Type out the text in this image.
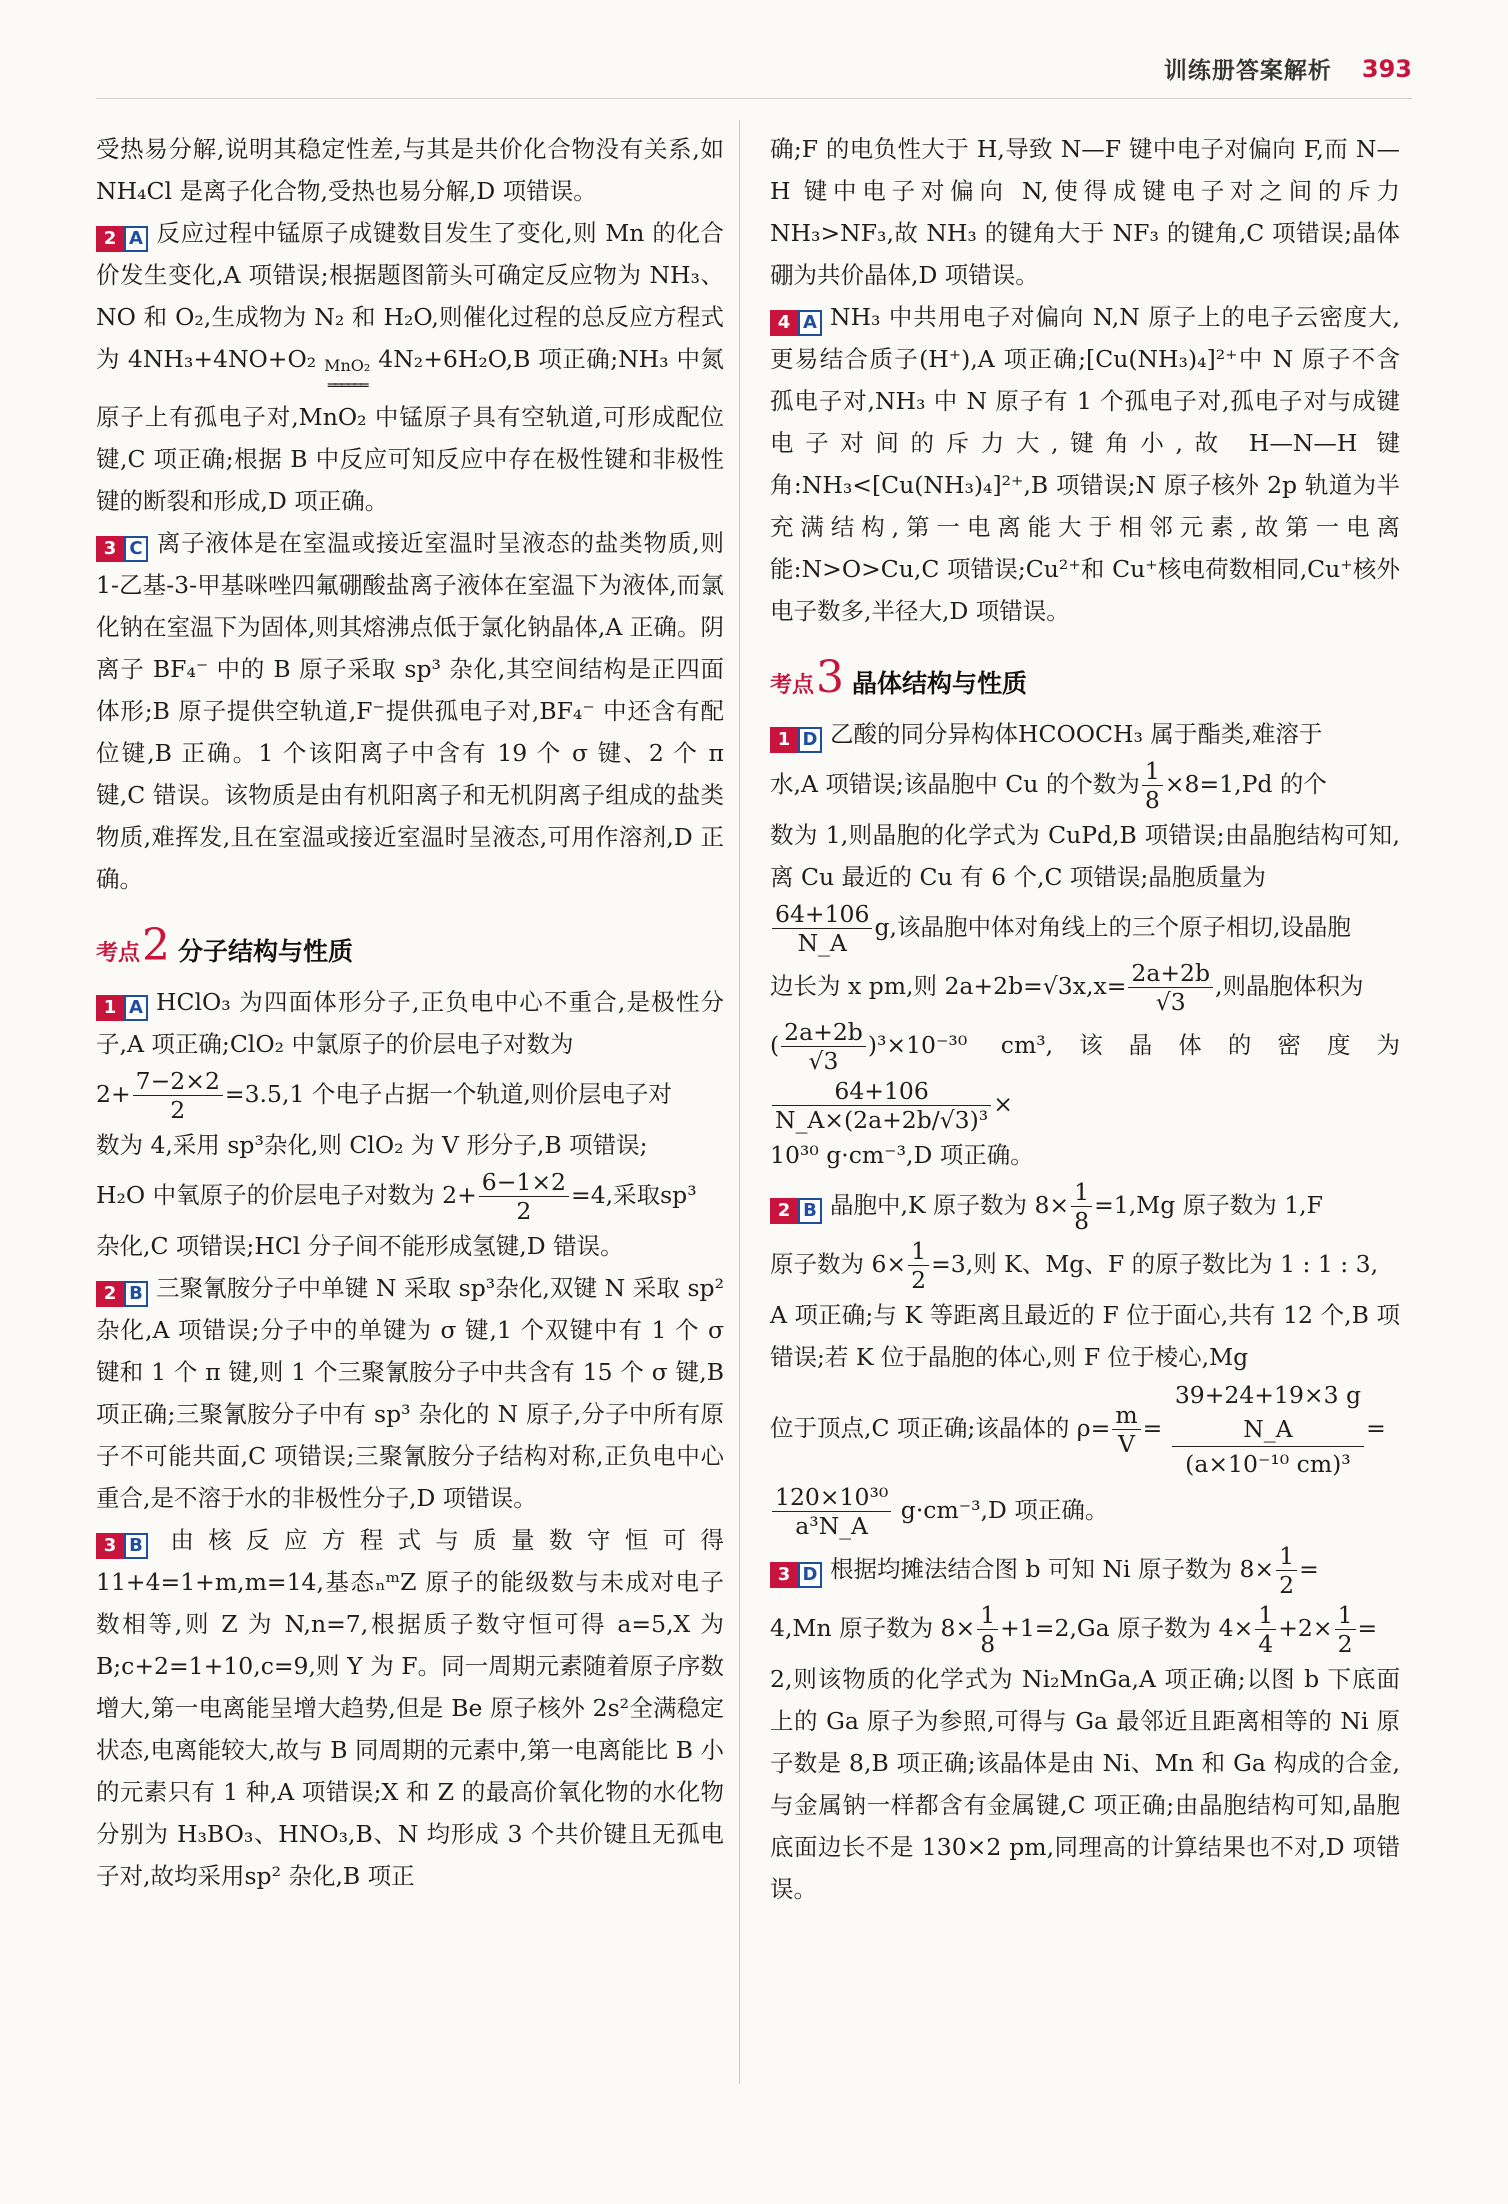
训练册答案解析 393

受热易分解,说明其稳定性差,与其是共价化合物没有关系,如 NH₄Cl 是离子化合物,受热也易分解,D 项错误。

2 A 反应过程中锰原子成键数目发生了变化,则 Mn 的化合价发生变化,A 项错误;根据题图箭头可确定反应物为 NH₃、NO 和 O₂,生成物为 N₂ 和 H₂O,则催化过程的总反应方程式为 4NH₃+4NO+O₂ MnO₂
══════
4N₂+6H₂O,B 项正确;NH₃ 中氮原子上有孤电子对,MnO₂ 中锰原子具有空轨道,可形成配位键,C 项正确;根据 B 中反应可知反应中存在极性键和非极性键的断裂和形成,D 项正确。

3 C 离子液体是在室温或接近室温时呈液态的盐类物质,则 1-乙基-3-甲基咪唑四氟硼酸盐离子液体在室温下为液体,而氯化钠在室温下为固体,则其熔沸点低于氯化钠晶体,A 正确。阴离子 BF₄⁻ 中的 B 原子采取 sp³ 杂化,其空间结构是正四面体形;B 原子提供空轨道,F⁻提供孤电子对,BF₄⁻ 中还含有配位键,B 正确。1 个该阳离子中含有 19 个 σ 键、2 个 π 键,C 错误。该物质是由有机阳离子和无机阴离子组成的盐类物质,难挥发,且在室温或接近室温时呈液态,可用作溶剂,D 正确。

考点 2 分子结构与性质

1 A HClO₃ 为四面体形分子,正负电中心不重合,是极性分子,A 项正确;ClO₂ 中氯原子的价层电子对数为

$2+ \frac{7-2\times 2}{2} =3.5,1$ 个电子占据一个轨道,则价层电子对

数为 4,采用 sp³杂化,则 ClO₂ 为 V 形分子,B 项错误;

H₂O 中氧原子的价层电子对数为 $2+ \frac{6-1\times 2}{2} =4$,采取sp³

杂化,C 项错误;HCl 分子间不能形成氢键,D 错误。

2 B 三聚氰胺分子中单键 N 采取 sp³杂化,双键 N 采取 sp²杂化,A 项错误;分子中的单键为 σ 键,1 个双键中有 1 个 σ 键和 1 个 π 键,则 1 个三聚氰胺分子中共含有 15 个 σ 键,B 项正确;三聚氰胺分子中有 sp³ 杂化的 N 原子,分子中所有原子不可能共面,C 项错误;三聚氰胺分子结构对称,正负电中心重合,是不溶于水的非极性分子,D 项错误。

3 B 由核反应方程式与质量数守恒可得 11+4=1+m,m=14,基态ₙᵐZ 原子的能级数与未成对电子数相等,则 Z 为 N,n=7,根据质子数守恒可得 a=5,X 为 B;c+2=1+10,c=9,则 Y 为 F。同一周期元素随着原子序数增大,第一电离能呈增大趋势,但是 Be 原子核外 2s²全满稳定状态,电离能较大,故与 B 同周期的元素中,第一电离能比 B 小的元素只有 1 种,A 项错误;X 和 Z 的最高价氧化物的水化物分别为 H₃BO₃、HNO₃,B、N 均形成 3 个共价键且无孤电子对,故均采用sp² 杂化,B 项正

确;F 的电负性大于 H,导致 N—F 键中电子对偏向 F,而 N—H 键中电子对偏向 N,使得成键电子对之间的斥力 NH₃>NF₃,故 NH₃ 的键角大于 NF₃ 的键角,C 项错误;晶体硼为共价晶体,D 项错误。

4 A NH₃ 中共用电子对偏向 N,N 原子上的电子云密度大,更易结合质子(H⁺),A 项正确;[Cu(NH₃)₄]²⁺中 N 原子不含孤电子对,NH₃ 中 N 原子有 1 个孤电子对,孤电子对与成键电子对间的斥力大,键角小,故 H—N—H 键角:NH₃<[Cu(NH₃)₄]²⁺,B 项错误;N 原子核外 2p 轨道为半充满结构,第一电离能大于相邻元素,故第一电离能:N>O>Cu,C 项错误;Cu²⁺和 Cu⁺核电荷数相同,Cu⁺核外电子数多,半径大,D 项错误。

考点 3 晶体结构与性质

1 D 乙酸的同分异构体HCOOCH₃ 属于酯类,难溶于

水,A 项错误;该晶胞中 Cu 的个数为 $\frac{1}{8} \times 8=1,Pd$ 的个

数为 1,则晶胞的化学式为 CuPd,B 项错误;由晶胞结构可知,离 Cu 最近的 Cu 有 6 个,C 项错误;晶胞质量为

$\frac{64+106}{N\_A} g$,该晶胞中体对角线上的三个原子相切,设晶胞

边长为 x pm,则 $2a+2b=√3x,x= \frac{2a+2b}{√3}$ ,则晶胞体积为

( $\frac{2a+2b}{√3} )^3\times 10^{-30}$ cm³,该晶体的密度为
$\frac{64+106}{\text{N\_A×(2a+2b/√3)³}}$ ×

10³⁰ g·cm⁻³,D 项正确。

2 B 晶胞中,K 原子数为 $8\times \frac{1}{8} =1,Mg$ 原子数为 1,F

原子数为 $6\times \frac{1}{2} =3$,则 K、Mg、F 的原子数比为 1 : 1 : 3,

A 项正确;与 K 等距离且最近的 F 位于面心,共有 12 个,B 项错误;若 K 位于晶胞的体心,则 F 位于棱心,Mg

位于顶点,C 项正确;该晶体的 $\rho= \frac{m}{V}$ =
39+24+19×3 g
N_A
(a×10⁻¹⁰ cm)³
=

$\frac{\text{120×10³⁰}}{\text{a³N\_A}} g\cdot cm^{-3},D$ 项正确。

3 D 根据均摊法结合图 b 可知 Ni 原子数为 $8\times \frac{1}{2}$ =

4,Mn 原子数为 $8\times \frac{1}{8} +1=2,Ga$ 原子数为 $4\times \frac{1}{4} +2\times \frac{1}{2}$ =

2,则该物质的化学式为 Ni₂MnGa,A 项正确;以图 b 下底面上的 Ga 原子为参照,可得与 Ga 最邻近且距离相等的 Ni 原子数是 8,B 项正确;该晶体是由 Ni、Mn 和 Ga 构成的合金,与金属钠一样都含有金属键,C 项正确;由晶胞结构可知,晶胞底面边长不是 130×2 pm,同理高的计算结果也不对,D 项错误。
